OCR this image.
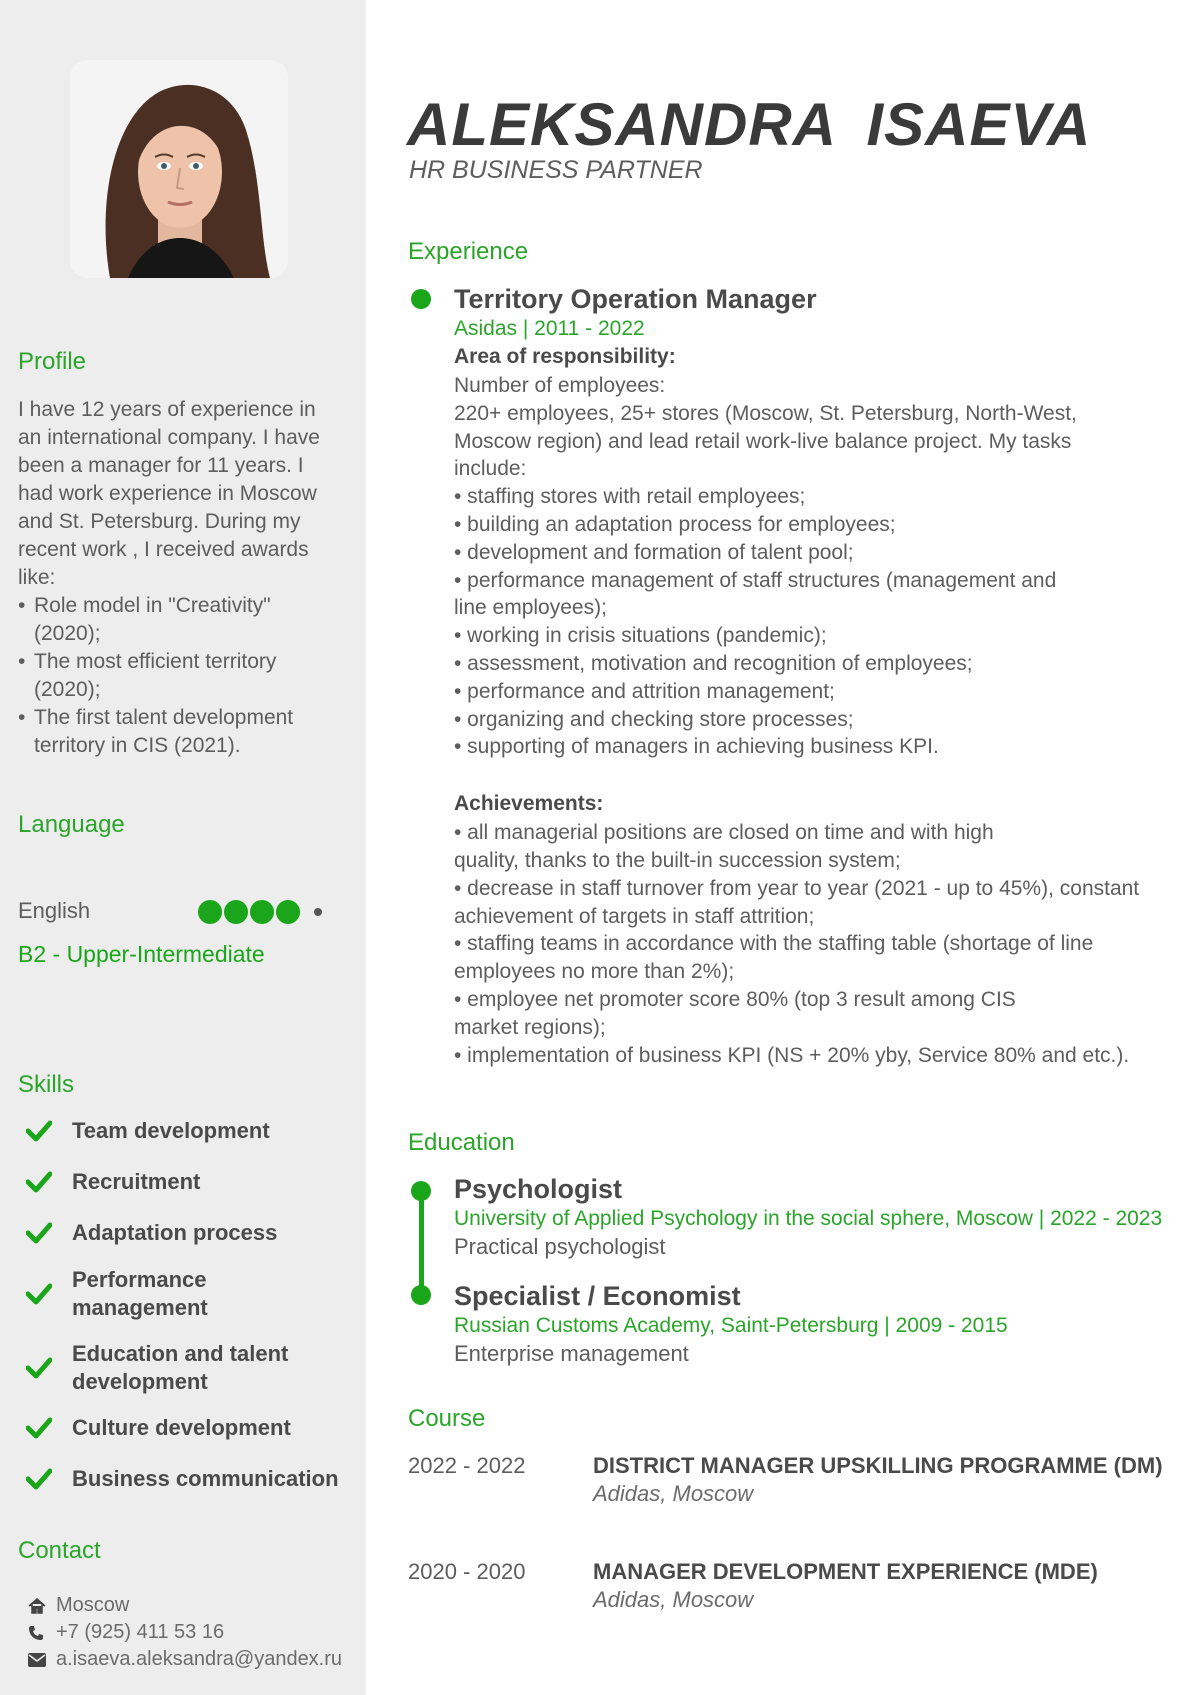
Profile
I have 12 years of experience in an international company. I have been a manager for 11 years. I had work experience in Moscow and St. Petersburg. During my recent work , I received awards like:
• Role model in "Creativity" (2020);
• The most efficient territory (2020);
• The first talent development territory in CIS (2021).
Language
English
B2 - Upper-Intermediate
Skills
Team development
Recruitment
Adaptation process
Performance management
Education and talent development
Culture development
Business communication
Contact
Moscow
+7 (925) 411 53 16
a.isaeva.aleksandra@yandex.ru
ALEKSANDRA ISAEVA
HR BUSINESS PARTNER
Experience
Territory Operation Manager
Asidas | 2011 - 2022
Area of responsibility:

Number of employees:

220+ employees, 25+ stores (Moscow, St. Petersburg, North-West, Moscow region) and lead retail work-live balance project. My tasks include:

• staffing stores with retail employees;

• building an adaptation process for employees;

• development and formation of talent pool;

• performance management of staff structures (management and line employees);

• working in crisis situations (pandemic);

• assessment, motivation and recognition of employees;

• performance and attrition management;

• organizing and checking store processes;

• supporting of managers in achieving business KPI.

Achievements:

• all managerial positions are closed on time and with high quality, thanks to the built-in succession system;

• decrease in staff turnover from year to year (2021 - up to 45%), constant achievement of targets in staff attrition;

• staffing teams in accordance with the staffing table (shortage of line employees no more than 2%);

• employee net promoter score 80% (top 3 result among CIS market regions);

• implementation of business KPI (NS + 20% yby, Service 80% and etc.).

Education
Psychologist
University of Applied Psychology in the social sphere, Moscow | 2022 - 2023
Practical psychologist
Specialist / Economist
Russian Customs Academy, Saint-Petersburg | 2009 - 2015
Enterprise management
Course
2022 - 2022	DISTRICT MANAGER UPSKILLING PROGRAMME (DM)
Adidas, Moscow
2020 - 2020	MANAGER DEVELOPMENT EXPERIENCE (MDE)
Adidas, Moscow
